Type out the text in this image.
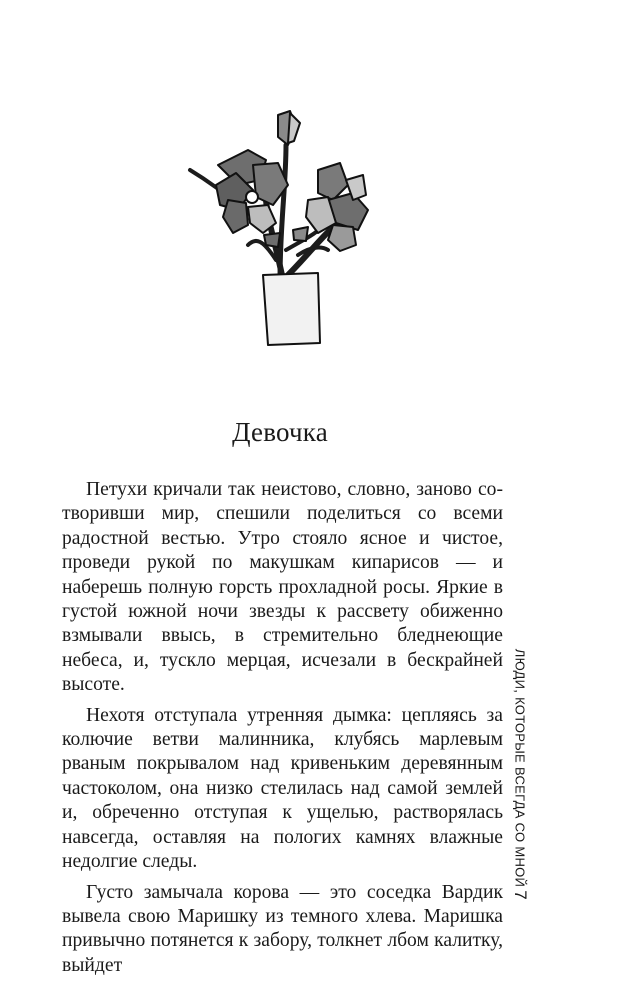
Девочка

Петухи кричали так неистово, словно, заново сотворивши мир, спешили поделиться со всеми радостной вестью. Утро стояло ясное и чистое, проведи рукой по макушкам кипарисов — и наберешь полную горсть прохладной росы. Яркие в густой южной ночи звезды к рассвету обиженно взмывали ввысь, в стремительно бледнеющие небеса, и, тускло мерцая, исчезали в бескрайней высоте.

Нехотя отступала утренняя дымка: цепляясь за колючие ветви малинника, клубясь марлевым рваным покрывалом над кривеньким деревянным частоколом, она низко стелилась над самой землей и, обреченно отступая к ущелью, растворялась навсегда, оставляя на пологих камнях влажные недолгие следы.

Густо замычала корова — это соседка Вардик вывела свою Маришку из темного хлева. Маришка привычно потянется к забору, толкнет лбом калитку, выйдет

ЛЮДИ, КОТОРЫЕ ВСЕГДА СО МНОЙ
7
